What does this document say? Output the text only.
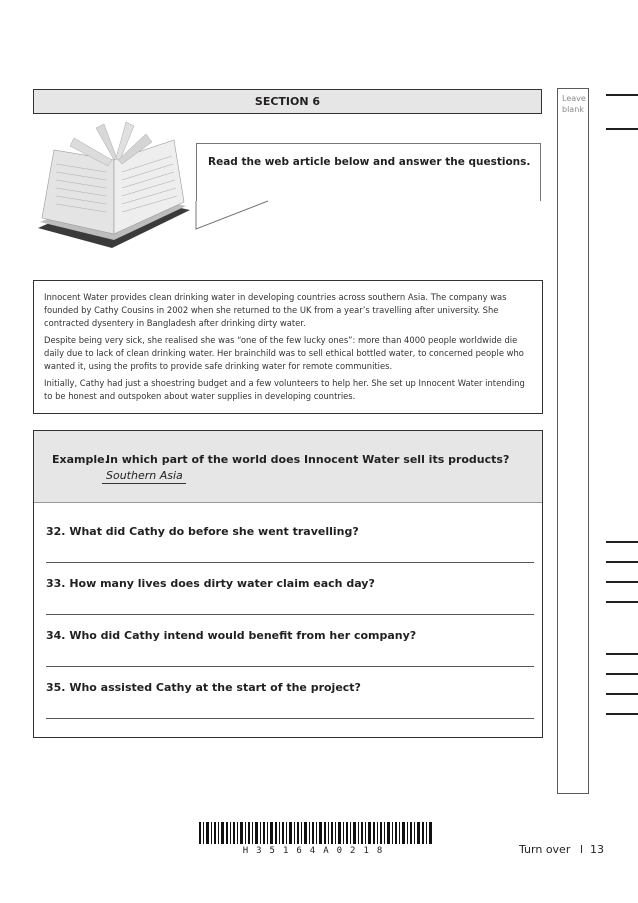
Leave blank
SECTION 6
Read the web article below and answer the questions.

Innocent Water provides clean drinking water in developing countries across southern Asia. The company was founded by Cathy Cousins in 2002 when she returned to the UK from a year’s travelling after university. She contracted dysentery in Bangladesh after drinking dirty water.

Despite being very sick, she realised she was “one of the few lucky ones”: more than 4000 people worldwide die daily due to lack of clean drinking water. Her brainchild was to sell ethical bottled water, to concerned people who wanted it, using the profits to provide safe drinking water for remote communities.

Initially, Cathy had just a shoestring budget and a few volunteers to help her. She set up Innocent Water intending to be honest and outspoken about water supplies in developing countries.

Example.
In which part of the world does Innocent Water sell its products?
Southern Asia
32. What did Cathy do before she went travelling?
33. How many lives does dirty water claim each day?
34. Who did Cathy intend would benefit from her company?
35. Who assisted Cathy at the start of the project?
H35164A0218	Turn over l 13
